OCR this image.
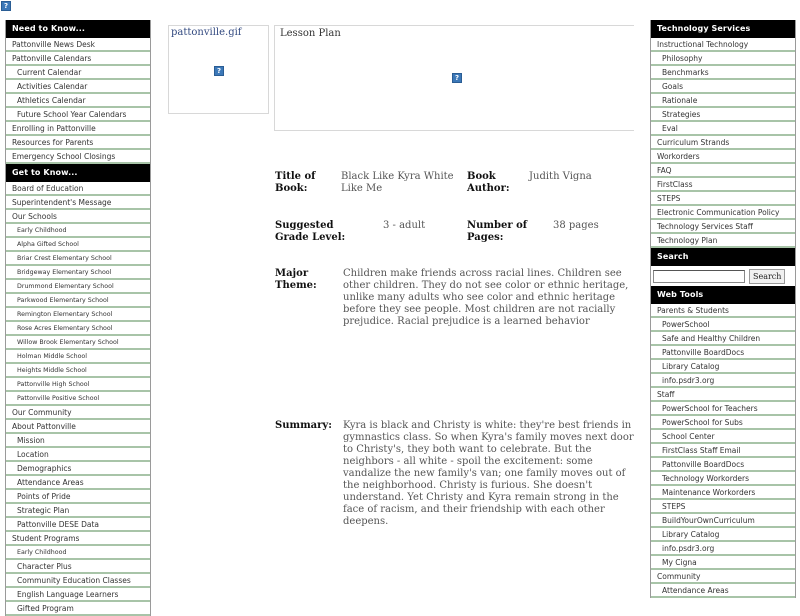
?
Need to Know...
Pattonville News Desk
Pattonville Calendars
Current Calendar
Activities Calendar
Athletics Calendar
Future School Year Calendars
Enrolling in Pattonville
Resources for Parents
Emergency School Closings
Get to Know...
Board of Education
Superintendent's Message
Our Schools
Early Childhood
Alpha Gifted School
Briar Crest Elementary School
Bridgeway Elementary School
Drummond Elementary School
Parkwood Elementary School
Remington Elementary School
Rose Acres Elementary School
Willow Brook Elementary School
Holman Middle School
Heights Middle School
Pattonville High School
Pattonville Positive School
Our Community
About Pattonville
Mission
Location
Demographics
Attendance Areas
Points of Pride
Strategic Plan
Pattonville DESE Data
Student Programs
Early Childhood
Character Plus
Community Education Classes
English Language Learners
Gifted Program
pattonville.gif
?
Lesson Plan
?
Title of Book:
Black Like Kyra White Like Me
Book Author:
Judith Vigna
Suggested Grade Level:
3 - adult	Number of Pages:
38 pages
Major Theme:
Children make friends across racial lines. Children see other children. They do not see color or ethnic heritage, unlike many adults who see color and ethnic heritage before they see people. Most children are not racially prejudice. Racial prejudice is a learned behavior
Summary:	Kyra is black and Christy is white: they're best friends in gymnastics class. So when Kyra's family moves next door to Christy's, they both want to celebrate. But the neighbors - all white - spoil the excitement: some vandalize the new family's van; one family moves out of the neighborhood. Christy is furious. She doesn't understand. Yet Christy and Kyra remain strong in the face of racism, and their friendship with each other deepens.
Technology Services
Instructional Technology
Philosophy
Benchmarks
Goals
Rationale
Strategies
Eval
Curriculum Strands
Workorders
FAQ
FirstClass
STEPS
Electronic Communication Policy
Technology Services Staff
Technology Plan
Search
Search
Web Tools
Parents & Students
PowerSchool
Safe and Healthy Children
Pattonville BoardDocs
Library Catalog
info.psdr3.org
Staff
PowerSchool for Teachers
PowerSchool for Subs
School Center
FirstClass Staff Email
Pattonville BoardDocs
Technology Workorders
Maintenance Workorders
STEPS
BuildYourOwnCurriculum
Library Catalog
info.psdr3.org
My Cigna
Community
Attendance Areas
